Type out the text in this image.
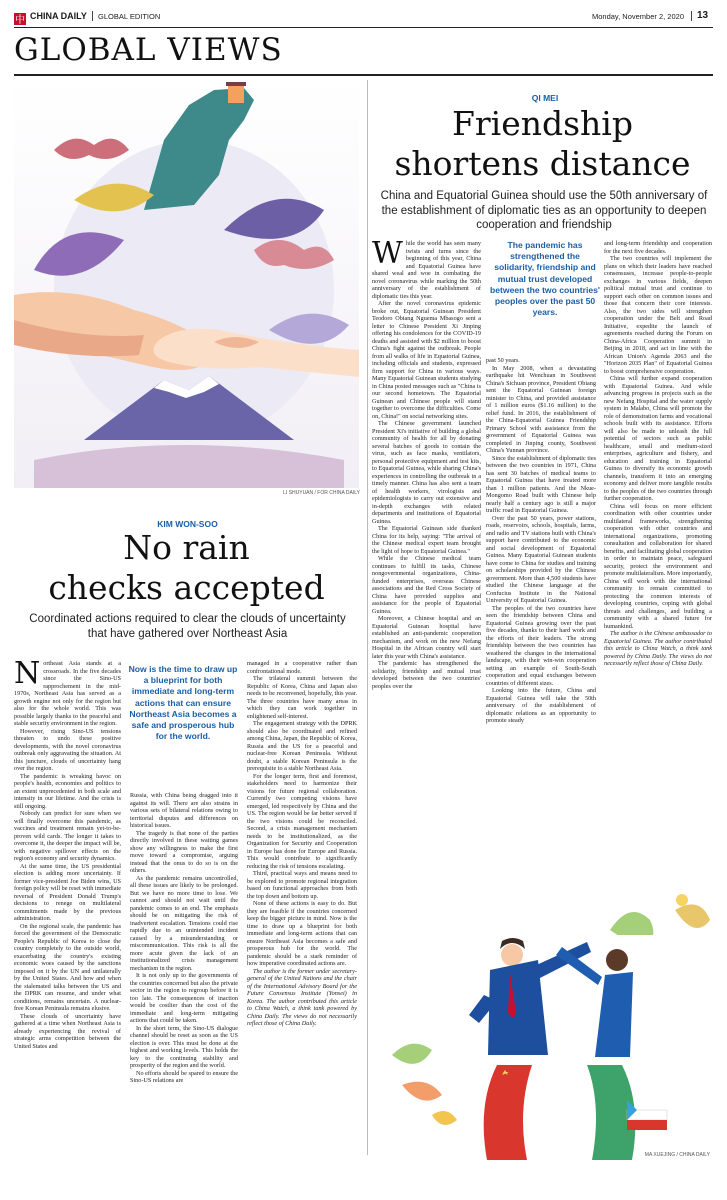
中 CHINA DAILY GLOBAL EDITION	Monday, November 2, 2020 13
GLOBAL VIEWS
LI SHUYUAN / FOR CHINA DAILY
QI MEI
Friendship
shortens distance
China and Equatorial Guinea should use the 50th anniversary of the establishment of diplomatic ties as an opportunity to deepen cooperation and friendship
W hile the world has seen many twists and turns since the beginning of this year, China and Equatorial Guinea have shared weal and woe in combating the novel coronavirus while marking the 50th anniversary of the establishment of diplomatic ties this year.

After the novel coronavirus epidemic broke out, Equatorial Guinean President Teodoro Obiang Nguema Mbasogo sent a letter to Chinese President Xi Jinping offering his condolences for the COVID-19 deaths and assisted with $2 million to boost China's fight against the outbreak. People from all walks of life in Equatorial Guinea, including officials and students, expressed firm support for China in various ways. Many Equatorial Guinean students studying in China posted messages such as "China is our second hometown. The Equatorial Guinean and Chinese people will stand together to overcome the difficulties. Come on, China!" on social networking sites.

The Chinese government launched President Xi's initiative of building a global community of health for all by donating several batches of goods to contain the virus, such as face masks, ventilators, personal protective equipment and test kits, to Equatorial Guinea, while sharing China's experiences in controlling the outbreak in a timely manner. China has also sent a team of health workers, virologists and epidemiologists to carry out extensive and in-depth exchanges with related departments and institutions of Equatorial Guinea.

The Equatorial Guinean side thanked China for its help, saying: "The arrival of the Chinese medical expert team brought the light of hope to Equatorial Guinea."

While the Chinese medical team continues to fulfill its tasks, Chinese nongovernmental organizations, China-funded enterprises, overseas Chinese associations and the Red Cross Society of China have provided supplies and assistance for the people of Equatorial Guinea.

Moreover, a Chinese hospital and an Equatorial Guinean hospital have established an anti-pandemic cooperation mechanism, and work on the new Nefang Hospital in the African country will start later this year with China's assistance.

The pandemic has strengthened the solidarity, friendship and mutual trust developed between the two countries' peoples over the

The pandemic has strengthened the solidarity, friendship and mutual trust developed between the two countries' peoples over the past 50 years.

past 50 years.

In May 2008, when a devastating earthquake hit Wenchuan in Southwest China's Sichuan province, President Obiang sent the Equatorial Guinean foreign minister to China, and provided assistance of 1 million euros ($1.16 million) to the relief fund. In 2016, the establishment of the China-Equatorial Guinea Friendship Primary School with assistance from the government of Equatorial Guinea was completed in Jinping county, Southwest China's Yunnan province.

Since the establishment of diplomatic ties between the two countries in 1971, China has sent 30 batches of medical teams to Equatorial Guinea that have treated more than 1 million patients. And the Nkue-Mongomo Road built with Chinese help nearly half a century ago is still a major traffic road in Equatorial Guinea.

Over the past 50 years, power stations, roads, reservoirs, schools, hospitals, farms, and radio and TV stations built with China's support have contributed to the economic and social development of Equatorial Guinea. Many Equatorial Guinean students have come to China for studies and training on scholarships provided by the Chinese government. More than 4,500 students have studied the Chinese language at the Confucius Institute in the National University of Equatorial Guinea.

The peoples of the two countries have seen the friendship between China and Equatorial Guinea growing over the past five decades, thanks to their hard work and the efforts of their leaders. The strong friendship between the two countries has weathered the changes in the international landscape, with their win-win cooperation setting an example of South-South cooperation and equal exchanges between countries of different sizes.

Looking into the future, China and Equatorial Guinea will take the 50th anniversary of the establishment of diplomatic relations as an opportunity to promote steady

and long-term friendship and cooperation for the next five decades.

The two countries will implement the plans on which their leaders have reached consensuses, increase people-to-people exchanges in various fields, deepen political mutual trust and continue to support each other on common issues and those that concern their core interests. Also, the two sides will strengthen cooperation under the Belt and Road Initiative, expedite the launch of agreements reached during the Forum on China-Africa Cooperation summit in Beijing in 2018, and act in line with the African Union's Agenda 2063 and the "Horizon 2035 Plan" of Equatorial Guinea to boost comprehensive cooperation.

China will further expand cooperation with Equatorial Guinea. And while advancing progress in projects such as the new Nefang Hospital and the water supply system in Malabo, China will promote the role of demonstration farms and vocational schools built with its assistance. Efforts will also be made to unleash the full potential of sectors such as public healthcare, small and medium-sized enterprises, agriculture and fishery, and education and training in Equatorial Guinea to diversify its economic growth channels, transform it into an emerging economy and deliver more tangible results to the peoples of the two countries through further cooperation.

China will focus on more efficient coordination with other countries under multilateral frameworks, strengthening cooperation with other countries and international organizations, promoting consultation and collaboration for shared benefits, and facilitating global cooperation in order to maintain peace, safeguard security, protect the environment and promote multilateralism. More importantly, China will work with the international community to remain committed to protecting the common interests of developing countries, coping with global threats and challenges, and building a community with a shared future for humankind.

The author is the Chinese ambassador to Equatorial Guinea. The author contributed this article to China Watch, a think tank powered by China Daily. The views do not necessarily reflect those of China Daily.

MA XUEJING / CHINA DAILY
KIM WON-SOO
No rain
checks accepted
Coordinated actions required to clear the clouds of uncertainty that have gathered over Northeast Asia
N ortheast Asia stands at a crossroads. In the five decades since the Sino-US rapprochement in the mid-1970s, Northeast Asia has served as a growth engine not only for the region but also for the whole world. This was possible largely thanks to the peaceful and stable security environment in the region.

However, rising Sino-US tensions threaten to undo these positive developments, with the novel coronavirus outbreak only aggravating the situation. At this juncture, clouds of uncertainty hang over the region.

The pandemic is wreaking havoc on people's health, economies and politics to an extent unprecedented in both scale and intensity in our lifetime. And the crisis is still ongoing.

Nobody can predict for sure when we will finally overcome this pandemic, as vaccines and treatment remain yet-to-be-proven wild cards. The longer it takes to overcome it, the deeper the impact will be, with negative spillover effects on the region's economy and security dynamics.

At the same time, the US presidential election is adding more uncertainty. If former vice-president Joe Biden wins, US foreign policy will be reset with immediate reversal of President Donald Trump's decisions to renege on multilateral commitments made by the previous administration.

On the regional scale, the pandemic has forced the government of the Democratic People's Republic of Korea to close the country completely to the outside world, exacerbating the country's existing economic woes caused by the sanctions imposed on it by the UN and unilaterally by the United States. And how and when the stalemated talks between the US and the DPRK can resume, and under what conditions, remains uncertain. A nuclear-free Korean Peninsula remains elusive.

These clouds of uncertainty have gathered at a time when Northeast Asia is already experiencing the revival of strategic arms competition between the United States and

Now is the time to draw up a blueprint for both immediate and long-term actions that can ensure Northeast Asia becomes a safe and prosperous hub for the world.

Russia, with China being dragged into it against its will. There are also strains in various sets of bilateral relations owing to territorial disputes and differences on historical issues.

The tragedy is that none of the parties directly involved in these waiting games show any willingness to make the first move toward a compromise, arguing instead that the onus to do so is on the others.

As the pandemic remains uncontrolled, all these issues are likely to be prolonged. But we have no more time to lose. We cannot and should not wait until the pandemic comes to an end. The emphasis should be on mitigating the risk of inadvertent escalation. Tensions could rise rapidly due to an unintended incident caused by a misunderstanding or miscommunication. This risk is all the more acute given the lack of an institutionalized crisis management mechanism in the region.

It is not only up to the governments of the countries concerned but also the private sector in the region to regroup before it is too late. The consequences of inaction would be costlier than the cost of the immediate and long-term mitigating actions that could be taken.

In the short term, the Sino-US dialogue channel should be reset as soon as the US election is over. This must be done at the highest and working levels. This holds the key to the continuing stability and prosperity of the region and the world.

No efforts should be spared to ensure the Sino-US relations are

managed in a cooperative rather than confrontational mode.

The trilateral summit between the Republic of Korea, China and Japan also needs to be reconvened, hopefully, this year. The three countries have many areas in which they can work together in enlightened self-interest.

The engagement strategy with the DPRK should also be coordinated and refined among China, Japan, the Republic of Korea, Russia and the US for a peaceful and nuclear-free Korean Peninsula. Without doubt, a stable Korean Peninsula is the prerequisite to a stable Northeast Asia.

For the longer term, first and foremost, stakeholders need to harmonize their visions for future regional collaboration. Currently two competing visions have emerged, led respectively by China and the US. The region would be far better served if the two visions could be reconciled. Second, a crisis management mechanism needs to be institutionalized, as the Organization for Security and Cooperation in Europe has done for Europe and Russia. This would contribute to significantly reducing the risk of tensions escalating.

Third, practical ways and means need to be explored to promote regional integration based on functional approaches from both the top down and bottom up.

None of these actions is easy to do. But they are feasible if the countries concerned keep the bigger picture in mind. Now is the time to draw up a blueprint for both immediate and long-term actions that can ensure Northeast Asia becomes a safe and prosperous hub for the world. The pandemic should be a stark reminder of how imperative coordinated actions are.

The author is the former under secretary-general of the United Nations and the chair of the International Advisory Board for the Future Consensus Institute (Yonsei) in Korea. The author contributed this article to China Watch, a think tank powered by China Daily. The views do not necessarily reflect those of China Daily.
